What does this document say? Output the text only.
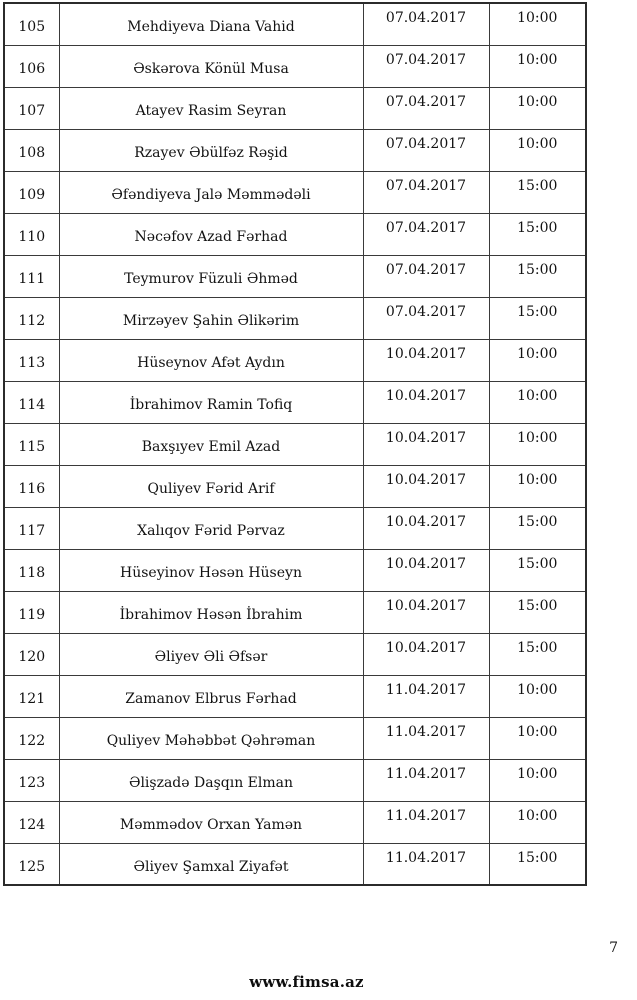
105	Mehdiyeva Diana Vahid	07.04.2017	10:00
106	Əskərova Könül Musa	07.04.2017	10:00
107	Atayev Rasim Seyran	07.04.2017	10:00
108	Rzayev Əbülfəz Rəşid	07.04.2017	10:00
109	Əfəndiyeva Jalə Məmmədəli	07.04.2017	15:00
110	Nəcəfov Azad Fərhad	07.04.2017	15:00
111	Teymurov Füzuli Əhməd	07.04.2017	15:00
112	Mirzəyev Şahin Əlikərim	07.04.2017	15:00
113	Hüseynov Afət Aydın	10.04.2017	10:00
114	İbrahimov Ramin Tofiq	10.04.2017	10:00
115	Baxşıyev Emil Azad	10.04.2017	10:00
116	Quliyev Fərid Arif	10.04.2017	10:00
117	Xalıqov Fərid Pərvaz	10.04.2017	15:00
118	Hüseyinov Həsən Hüseyn	10.04.2017	15:00
119	İbrahimov Həsən İbrahim	10.04.2017	15:00
120	Əliyev Əli Əfsər	10.04.2017	15:00
121	Zamanov Elbrus Fərhad	11.04.2017	10:00
122	Quliyev Məhəbbət Qəhrəman	11.04.2017	10:00
123	Əlişzadə Daşqın Elman	11.04.2017	10:00
124	Məmmədov Orxan Yamən	11.04.2017	10:00
125	Əliyev Şamxal Ziyafət	11.04.2017	15:00
7
www.fimsa.az
